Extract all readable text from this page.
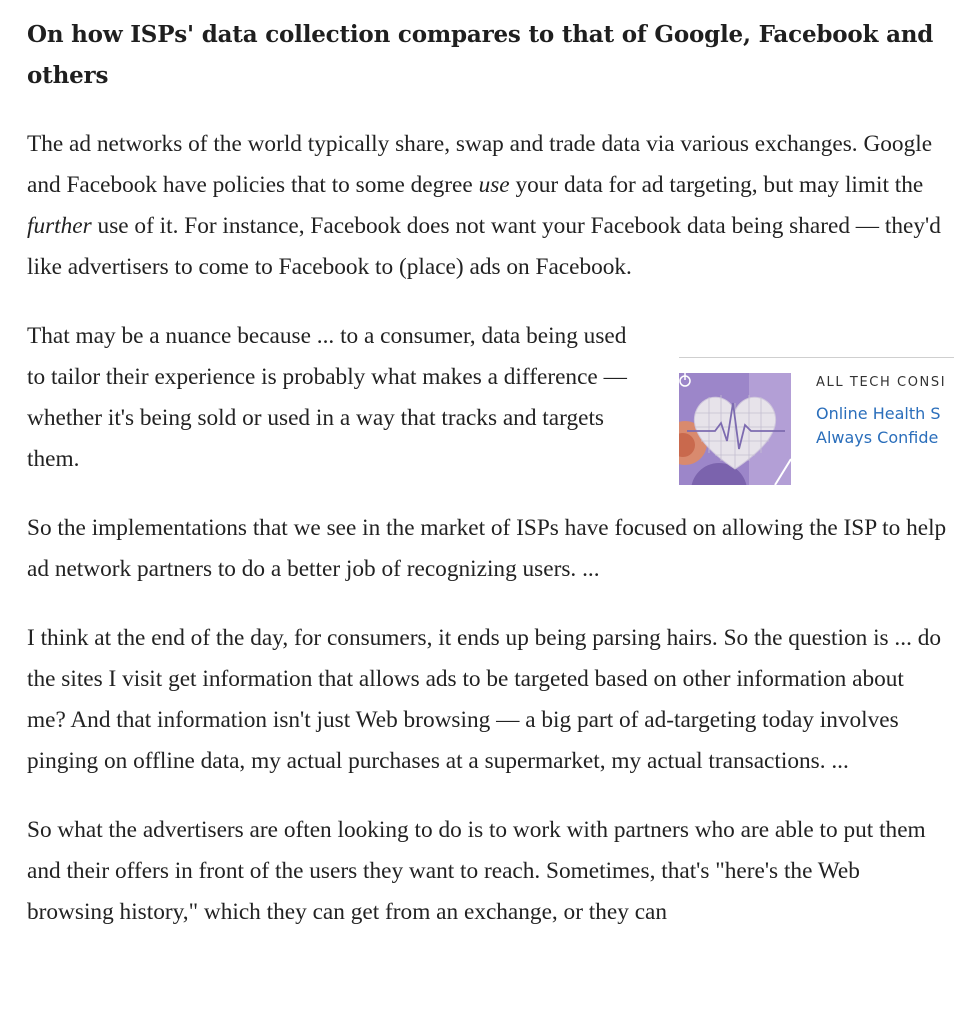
On how ISPs' data collection compares to that of Google, Facebook and others

The ad networks of the world typically share, swap and trade data via various exchanges. Google and Facebook have policies that to some degree use your data for ad targeting, but may limit the further use of it. For instance, Facebook does not want your Facebook data being shared — they'd like advertisers to come to Facebook to (place) ads on Facebook.

That may be a nuance because ... to a consumer, data being used to tailor their experience is probably what makes a difference — whether it's being sold or used in a way that tracks and targets them.

So the implementations that we see in the market of ISPs have focused on allowing the ISP to help ad network partners to do a better job of recognizing users. ...

I think at the end of the day, for consumers, it ends up being parsing hairs. So the question is ... do the sites I visit get information that allows ads to be targeted based on other information about me? And that information isn't just Web browsing — a big part of ad-targeting today involves pinging on offline data, my actual purchases at a supermarket, my actual transactions. ...

So what the advertisers are often looking to do is to work with partners who are able to put them and their offers in front of the users they want to reach. Sometimes, that's "here's the Web browsing history," which they can get from an exchange, or they can

ALL TECH CONSI
Online Health S
Always Confide
